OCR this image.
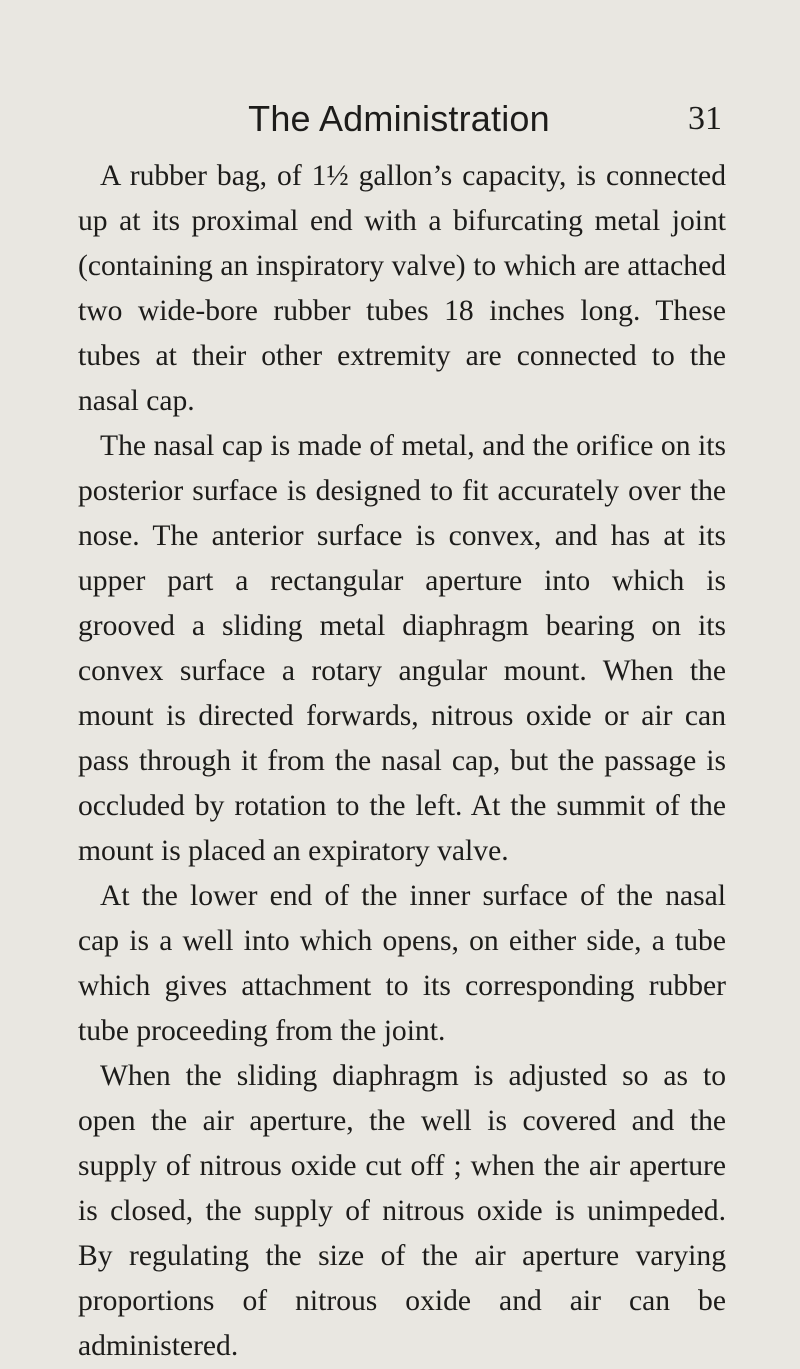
The Administration	31

A rubber bag, of 1½ gallon’s capacity, is connected up at its proximal end with a bifurcating metal joint (containing an inspiratory valve) to which are attached two wide-bore rubber tubes 18 inches long. These tubes at their other extremity are connected to the nasal cap.

The nasal cap is made of metal, and the orifice on its posterior surface is designed to fit accurately over the nose. The anterior surface is convex, and has at its upper part a rectangular aperture into which is grooved a sliding metal diaphragm bearing on its convex surface a rotary angular mount. When the mount is directed forwards, nitrous oxide or air can pass through it from the nasal cap, but the passage is occluded by rotation to the left. At the summit of the mount is placed an expiratory valve.

At the lower end of the inner surface of the nasal cap is a well into which opens, on either side, a tube which gives attachment to its corresponding rubber tube proceeding from the joint.

When the sliding diaphragm is adjusted so as to open the air aperture, the well is covered and the supply of nitrous oxide cut off ; when the air aperture is closed, the supply of nitrous oxide is unimpeded. By regulating the size of the air aperture varying proportions of nitrous oxide and air can be administered.
